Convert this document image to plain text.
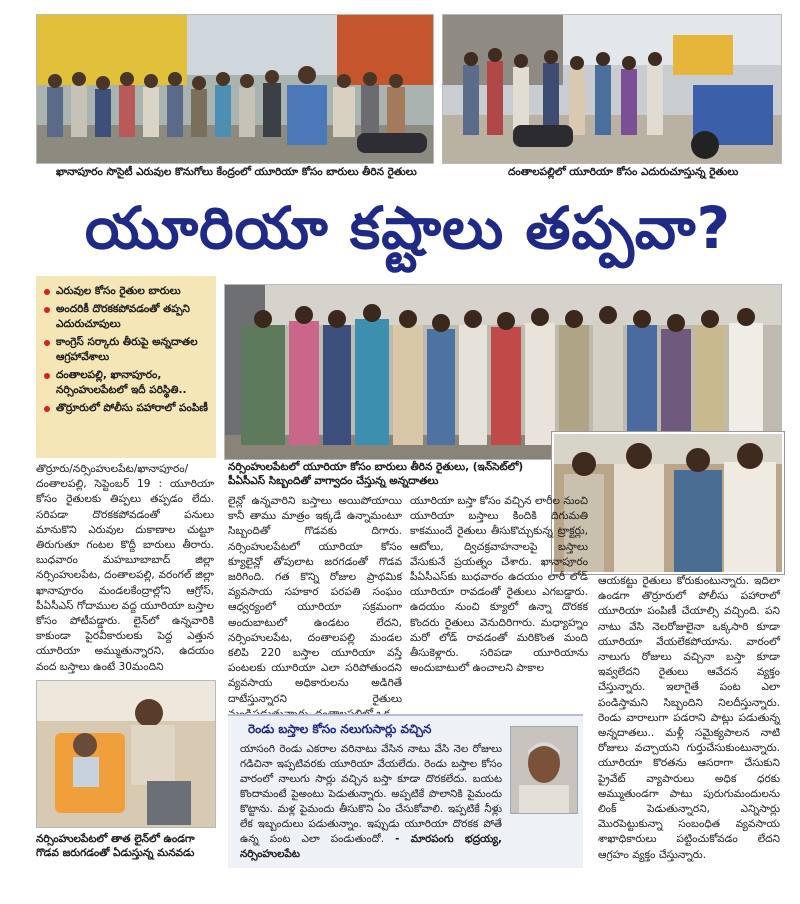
ఖానాపూరం సొసైటీ ఎరువుల కొనుగోలు కేంద్రంలో యూరియా కోసం బారులు తీరిన రైతులు	దంతాలపల్లిలో యూరియా కోసం ఎదురుచూస్తున్న రైతులు
యూరియా కష్టాలు తప్పవా?
ఎరువుల కోసం రైతుల బారులు
అందరికీ దొరకకపోవడంతో తప్పని ఎదురుచూపులు
కాంగ్రెస్ సర్కారు తీరుపై అన్నదాతల ఆగ్రహావేశాలు
దంతాలపల్లి, ఖానాపూరం, నర్సింహులపేటలో ఇదీ పరిస్థితి..
తొర్రూరులో పోలీసు పహారాలో పంపిణీ
నర్సింహులపేటలో యూరియా కోసం బారులు తీరిన రైతులు, (ఇన్‌సెట్‌లో) పీఏసీఎస్ సిబ్బందితో వాగ్వాదం చేస్తున్న అన్నదాతలు

తొర్రూరు/నర్సింహులపేట/ఖానాపూరం/దంతాలపల్లి, సెప్టెంబర్ 19 : యూరియా కోసం రైతులకు తిప్పలు తప్పడం లేదు. సరిపడా దొరకకపోవడంతో పనులు మానుకొని ఎరువుల దుకాణాల చుట్టూ తిరుగుతూ గంటల కొద్దీ బారులు తీరారు. బుధవారం మహబూబాబాద్ జిల్లా నర్సింహులపేట, దంతాలపల్లి, వరంగల్ జిల్లా ఖానాపూరం మండలకేంద్రాల్లోని ఆగ్రోస్, పీఏసీఎస్ గోదాముల వద్ద యూరియా బస్తాల కోసం పోటీపడ్డారు. లైన్‌లో ఉన్నవారికి కాకుండా పైరవీకారులకు పెద్ద ఎత్తున యూరియా అమ్ముతున్నారని, ఉదయం వంద బస్తాలు ఉంటే 30మందిని

లైన్లో ఉన్నవారిని బస్తాలు అయిపోయాయి కానీ తాము మాత్రం ఇక్కడే ఉన్నామంటూ సిబ్బందితో గొడవకు దిగారు. నర్సింహులపేటలో యూరియా కోసం క్యూలైన్లో తోపులాట జరగడంతో గొడవ జరిగింది. గత కొన్ని రోజుల ప్రాథమిక వ్యవసాయ సహకార పరపతి సంఘం ఆధ్వర్యంలో యూరియా సక్రమంగా అందుబాటులో ఉండటం లేదని, నర్సింహులపేట, దంతాలపల్లి మండల కలిపి 220 బస్తాల యూరియా వస్తే పంటలకు యూరియా ఎలా సరిపోతుందని వ్యవసాయ అధికారులను అడిగితే దాటేస్తున్నారని రైతులు

యూరియా బస్తా కోసం వచ్చిన లారీల నుంచి యూరియా బస్తాలు కిందికి దిగుమతి కాకముందే రైతులు తీసుకొచ్చుకున్న ట్రాక్టర్లు, ఆటోలు, ద్విచక్రవాహనాలపై బస్తాలు వేసుకునే ప్రయత్నం చేశారు. ఖానాపూరం పీఏసీఎస్‌కు బుధవారం ఉదయం లారీ లోడ్ యూరియా రావడంతో రైతులు ఎగబడ్డారు. ఉదయం నుంచి క్యూలో ఉన్నా దొరకక కొందరు రైతులు వెనుదిరిగారు. మధ్యాహ్నం మరో లోడ్ రావడంతో మరికొంత మంది తీసుకెళ్లారు. సరిపడా యూరియాను అందుబాటులో ఉంచాలని పాకాల

ఆయకట్టు రైతులు కోరుకుంటున్నారు. ఇదిలా ఉండగా తొర్రూరులో పోలీసు పహారాలో యూరియా పంపిణీ చేయాల్సి వచ్చింది. పని నాటు వేసి నెలరోజులైనా ఒక్కసారి కూడా యూరియా వేయలేకపోయాను. వారంలో నాలుగు రోజులు వచ్చినా బస్తా కూడా ఇవ్వలేదని రైతులు ఆవేదన వ్యక్తం చేస్తున్నారు. ఇలాగైతే పంట ఎలా పండిస్తామని సిబ్బందిని నిలదీస్తున్నారు. రెండు వారాలుగా పడరాని పాట్లు పడుతున్న అన్నదాతలు.. మళ్లీ సమైక్యపాలన నాటి రోజులు వచ్చాయని గుర్తుచేసుకుంటున్నారు. యూరియా కొరతను ఆసరాగా చేసుకుని ప్రైవేట్ వ్యాపారులు అధిక ధరకు అమ్ముతుండగా పాటు పురుగుమందులను లింక్ పెడుతున్నారని, ఎన్నిసార్లు మొరపెట్టుకున్నా సంబంధిత వ్యవసాయ శాఖాధికారులు పట్టించుకోవడం లేదని ఆగ్రహం వ్యక్తం చేస్తున్నారు.

నర్సింహులపేటలో తాత లైన్‌లో ఉండగా గొడవ జరుగడంతో ఏడుస్తున్న మనవడు
రెండు బస్తాల కోసం నలుగుసార్లు వచ్చిన
యాసంగి రెండు ఎకరాల వరినాటు వేసిన నాటు వేసి నెల రోజులు గడిచినా ఇప్పటివరకు యూరియా వేయలేదు. రెండు బస్తాల కోసం వారంలో నాలుగు సార్లు వచ్చిన బస్తా కూడా దొరకలేదు. బయట కొందామంటే పైఅంటు పెడుతున్నారు. అప్పటికే పొలానికి పైమందు కొట్టాను. మళ్ల పైమందు తీసుకొని ఏం చేసుకోవాలి. ఇప్పటికే నీళ్లు లేక ఇబ్బందులు పడుతున్నాం. ఇప్పుడు యూరియా దొరకక పోతే ఉన్న పంట ఎలా పండుతుందో. - మారపంగు భద్రయ్య, నర్సింహులపేట
